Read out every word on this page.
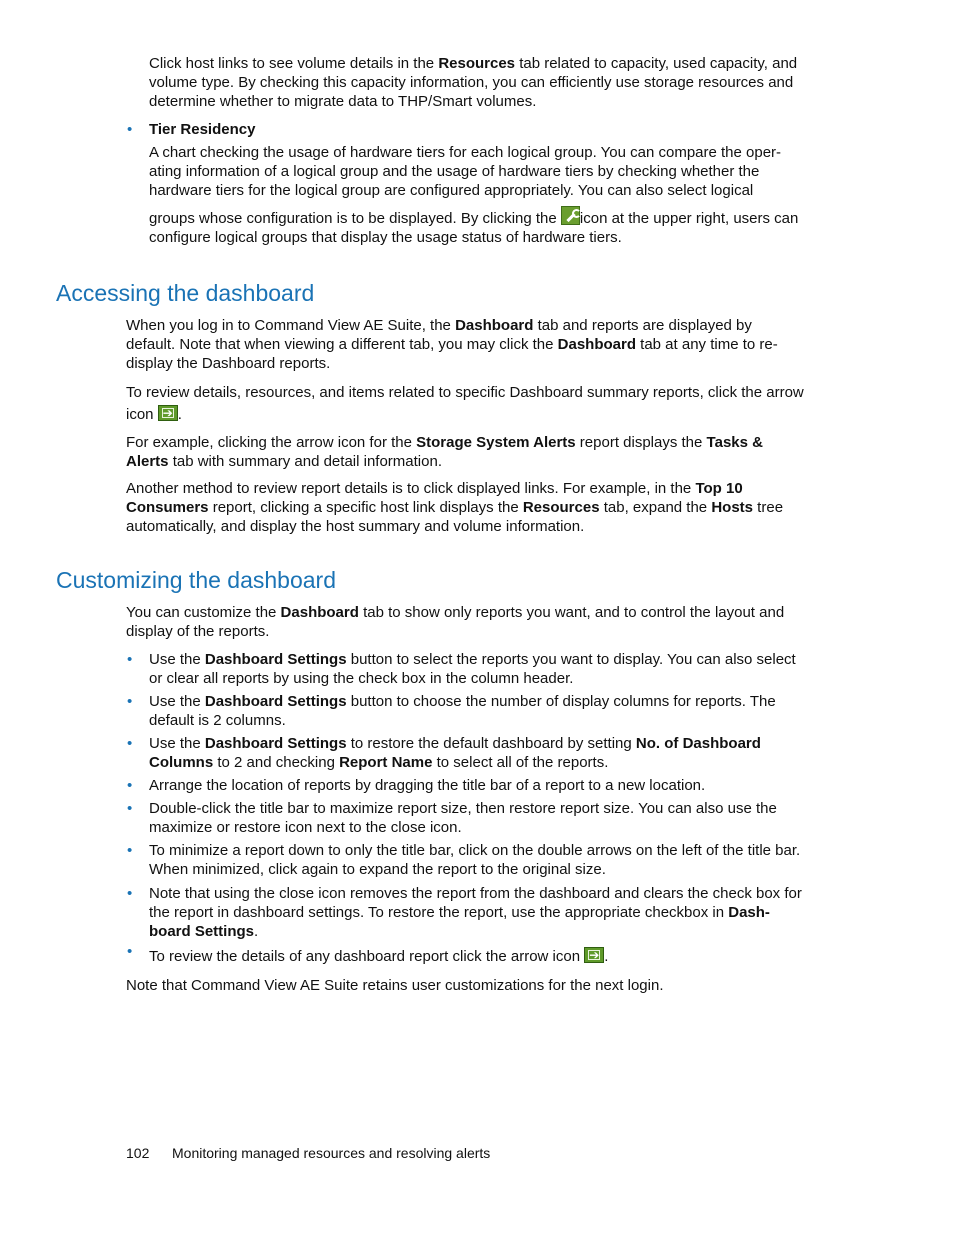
Click host links to see volume details in the Resources tab related to capacity, used capacity, and volume type. By checking this capacity information, you can efficiently use storage resources and determine whether to migrate data to THP/Smart volumes.

• Tier Residency

A chart checking the usage of hardware tiers for each logical group. You can compare the oper-ating information of a logical group and the usage of hardware tiers by checking whether the hardware tiers for the logical group are configured appropriately. You can also select logical

groups whose configuration is to be displayed. By clicking the icon at the upper right, users can configure logical groups that display the usage status of hardware tiers.

Accessing the dashboard

When you log in to Command View AE Suite, the Dashboard tab and reports are displayed by default. Note that when viewing a different tab, you may click the Dashboard tab at any time to re-display the Dashboard reports.

To review details, resources, and items related to specific Dashboard summary reports, click the arrow icon ➔.

For example, clicking the arrow icon for the Storage System Alerts report displays the Tasks & Alerts tab with summary and detail information.

Another method to review report details is to click displayed links. For example, in the Top 10 Consumers report, clicking a specific host link displays the Resources tab, expand the Hosts tree automatically, and display the host summary and volume information.

Customizing the dashboard

You can customize the Dashboard tab to show only reports you want, and to control the layout and display of the reports.

• Use the Dashboard Settings button to select the reports you want to display. You can also select or clear all reports by using the check box in the column header.

• Use the Dashboard Settings button to choose the number of display columns for reports. The default is 2 columns.

• Use the Dashboard Settings to restore the default dashboard by setting No. of Dashboard Columns to 2 and checking Report Name to select all of the reports.

• Arrange the location of reports by dragging the title bar of a report to a new location.

• Double-click the title bar to maximize report size, then restore report size. You can also use the maximize or restore icon next to the close icon.

• To minimize a report down to only the title bar, click on the double arrows on the left of the title bar. When minimized, click again to expand the report to the original size.

• Note that using the close icon removes the report from the dashboard and clears the check box for the report in dashboard settings. To restore the report, use the appropriate checkbox in Dash-board Settings.

• To review the details of any dashboard report click the arrow icon ➔.

Note that Command View AE Suite retains user customizations for the next login.

102 Monitoring managed resources and resolving alerts
